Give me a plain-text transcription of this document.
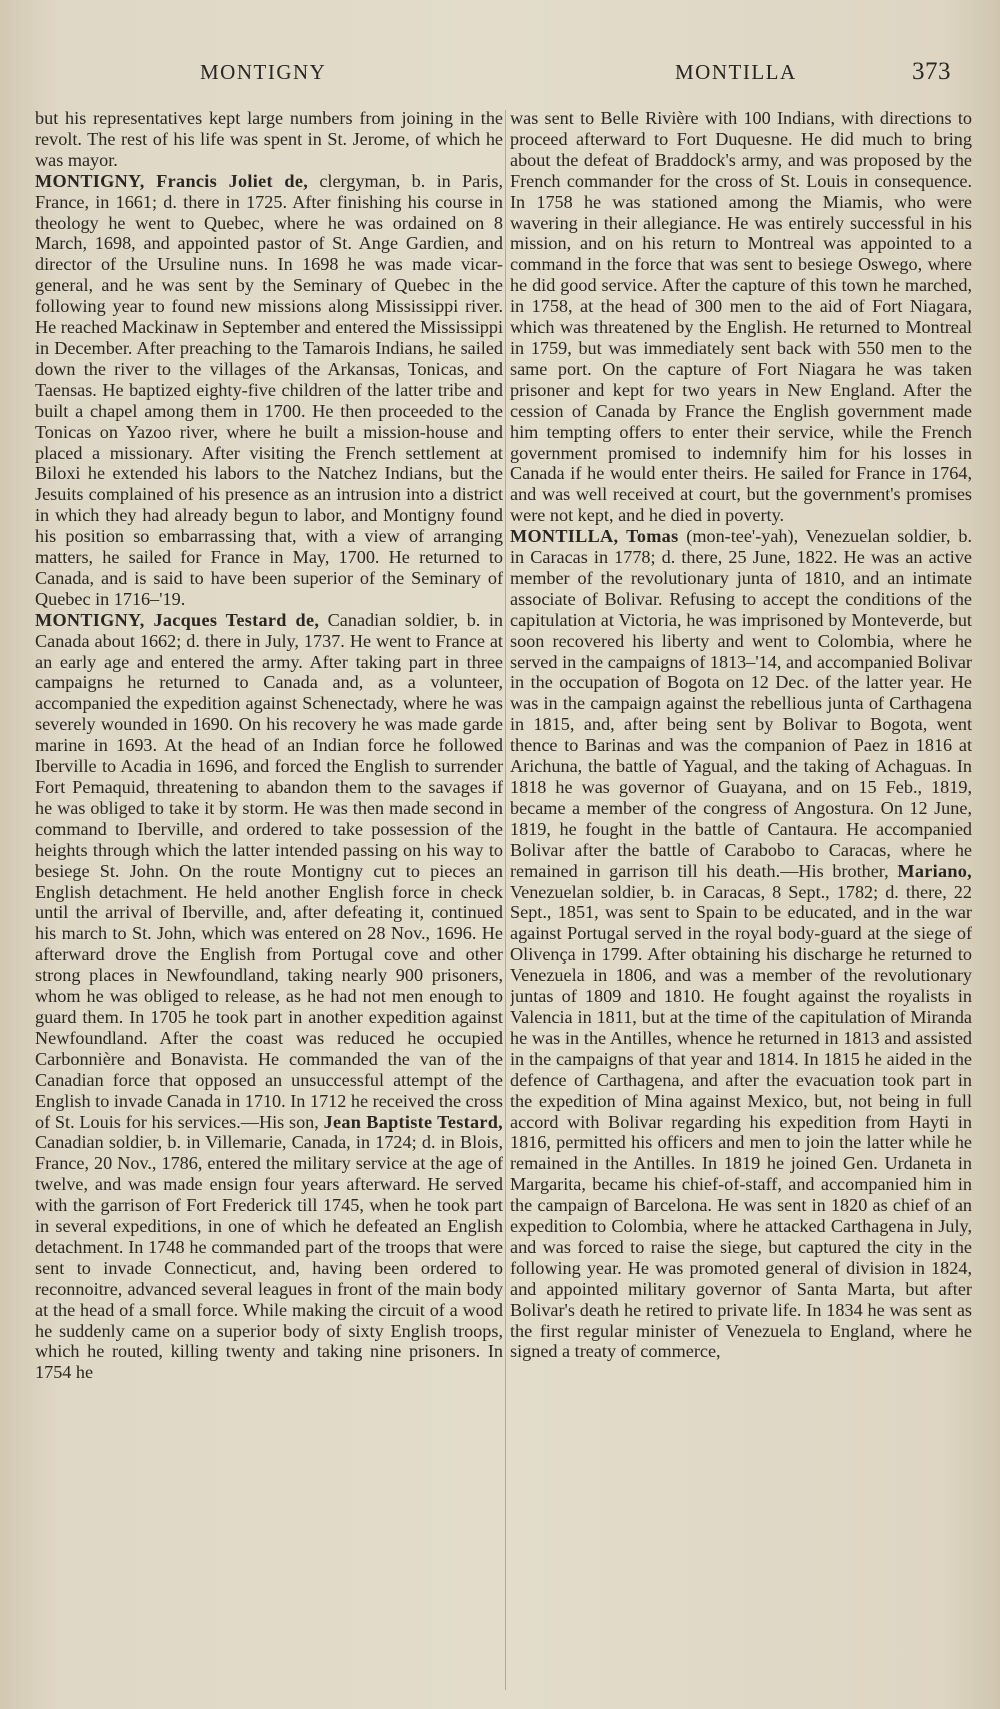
MONTIGNY	MONTILLA	373

but his representatives kept large numbers from joining in the revolt. The rest of his life was spent in St. Jerome, of which he was mayor.

MONTIGNY, Francis Joliet de, clergyman, b. in Paris, France, in 1661; d. there in 1725. After finishing his course in theology he went to Quebec, where he was ordained on 8 March, 1698, and appointed pastor of St. Ange Gardien, and director of the Ursuline nuns. In 1698 he was made vicar-general, and he was sent by the Seminary of Quebec in the following year to found new missions along Mississippi river. He reached Mackinaw in September and entered the Mississippi in December. After preaching to the Tamarois Indians, he sailed down the river to the villages of the Arkansas, Tonicas, and Taensas. He baptized eighty-five children of the latter tribe and built a chapel among them in 1700. He then proceeded to the Tonicas on Yazoo river, where he built a mission-house and placed a missionary. After visiting the French settlement at Biloxi he extended his labors to the Natchez Indians, but the Jesuits complained of his presence as an intrusion into a district in which they had already begun to labor, and Montigny found his position so embarrassing that, with a view of arranging matters, he sailed for France in May, 1700. He returned to Canada, and is said to have been superior of the Seminary of Quebec in 1716–'19.

MONTIGNY, Jacques Testard de, Canadian soldier, b. in Canada about 1662; d. there in July, 1737. He went to France at an early age and entered the army. After taking part in three campaigns he returned to Canada and, as a volunteer, accompanied the expedition against Schenectady, where he was severely wounded in 1690. On his recovery he was made garde marine in 1693. At the head of an Indian force he followed Iberville to Acadia in 1696, and forced the English to surrender Fort Pemaquid, threatening to abandon them to the savages if he was obliged to take it by storm. He was then made second in command to Iberville, and ordered to take possession of the heights through which the latter intended passing on his way to besiege St. John. On the route Montigny cut to pieces an English detachment. He held another English force in check until the arrival of Iberville, and, after defeating it, continued his march to St. John, which was entered on 28 Nov., 1696. He afterward drove the English from Portugal cove and other strong places in Newfoundland, taking nearly 900 prisoners, whom he was obliged to release, as he had not men enough to guard them. In 1705 he took part in another expedition against Newfoundland. After the coast was reduced he occupied Carbonnière and Bonavista. He commanded the van of the Canadian force that opposed an unsuccessful attempt of the English to invade Canada in 1710. In 1712 he received the cross of St. Louis for his services.—His son, Jean Baptiste Testard, Canadian soldier, b. in Villemarie, Canada, in 1724; d. in Blois, France, 20 Nov., 1786, entered the military service at the age of twelve, and was made ensign four years afterward. He served with the garrison of Fort Frederick till 1745, when he took part in several expeditions, in one of which he defeated an English detachment. In 1748 he commanded part of the troops that were sent to invade Connecticut, and, having been ordered to reconnoitre, advanced several leagues in front of the main body at the head of a small force. While making the circuit of a wood he suddenly came on a superior body of sixty English troops, which he routed, killing twenty and taking nine prisoners. In 1754 he

was sent to Belle Rivière with 100 Indians, with directions to proceed afterward to Fort Duquesne. He did much to bring about the defeat of Braddock's army, and was proposed by the French commander for the cross of St. Louis in consequence. In 1758 he was stationed among the Miamis, who were wavering in their allegiance. He was entirely successful in his mission, and on his return to Montreal was appointed to a command in the force that was sent to besiege Oswego, where he did good service. After the capture of this town he marched, in 1758, at the head of 300 men to the aid of Fort Niagara, which was threatened by the English. He returned to Montreal in 1759, but was immediately sent back with 550 men to the same port. On the capture of Fort Niagara he was taken prisoner and kept for two years in New England. After the cession of Canada by France the English government made him tempting offers to enter their service, while the French government promised to indemnify him for his losses in Canada if he would enter theirs. He sailed for France in 1764, and was well received at court, but the government's promises were not kept, and he died in poverty.

MONTILLA, Tomas (mon-tee'-yah), Venezuelan soldier, b. in Caracas in 1778; d. there, 25 June, 1822. He was an active member of the revolutionary junta of 1810, and an intimate associate of Bolivar. Refusing to accept the conditions of the capitulation at Victoria, he was imprisoned by Monteverde, but soon recovered his liberty and went to Colombia, where he served in the campaigns of 1813–'14, and accompanied Bolivar in the occupation of Bogota on 12 Dec. of the latter year. He was in the campaign against the rebellious junta of Carthagena in 1815, and, after being sent by Bolivar to Bogota, went thence to Barinas and was the companion of Paez in 1816 at Arichuna, the battle of Yagual, and the taking of Achaguas. In 1818 he was governor of Guayana, and on 15 Feb., 1819, became a member of the congress of Angostura. On 12 June, 1819, he fought in the battle of Cantaura. He accompanied Bolivar after the battle of Carabobo to Caracas, where he remained in garrison till his death.—His brother, Mariano, Venezuelan soldier, b. in Caracas, 8 Sept., 1782; d. there, 22 Sept., 1851, was sent to Spain to be educated, and in the war against Portugal served in the royal body-guard at the siege of Olivença in 1799. After obtaining his discharge he returned to Venezuela in 1806, and was a member of the revolutionary juntas of 1809 and 1810. He fought against the royalists in Valencia in 1811, but at the time of the capitulation of Miranda he was in the Antilles, whence he returned in 1813 and assisted in the campaigns of that year and 1814. In 1815 he aided in the defence of Carthagena, and after the evacuation took part in the expedition of Mina against Mexico, but, not being in full accord with Bolivar regarding his expedition from Hayti in 1816, permitted his officers and men to join the latter while he remained in the Antilles. In 1819 he joined Gen. Urdaneta in Margarita, became his chief-of-staff, and accompanied him in the campaign of Barcelona. He was sent in 1820 as chief of an expedition to Colombia, where he attacked Carthagena in July, and was forced to raise the siege, but captured the city in the following year. He was promoted general of division in 1824, and appointed military governor of Santa Marta, but after Bolivar's death he retired to private life. In 1834 he was sent as the first regular minister of Venezuela to England, where he signed a treaty of commerce,
